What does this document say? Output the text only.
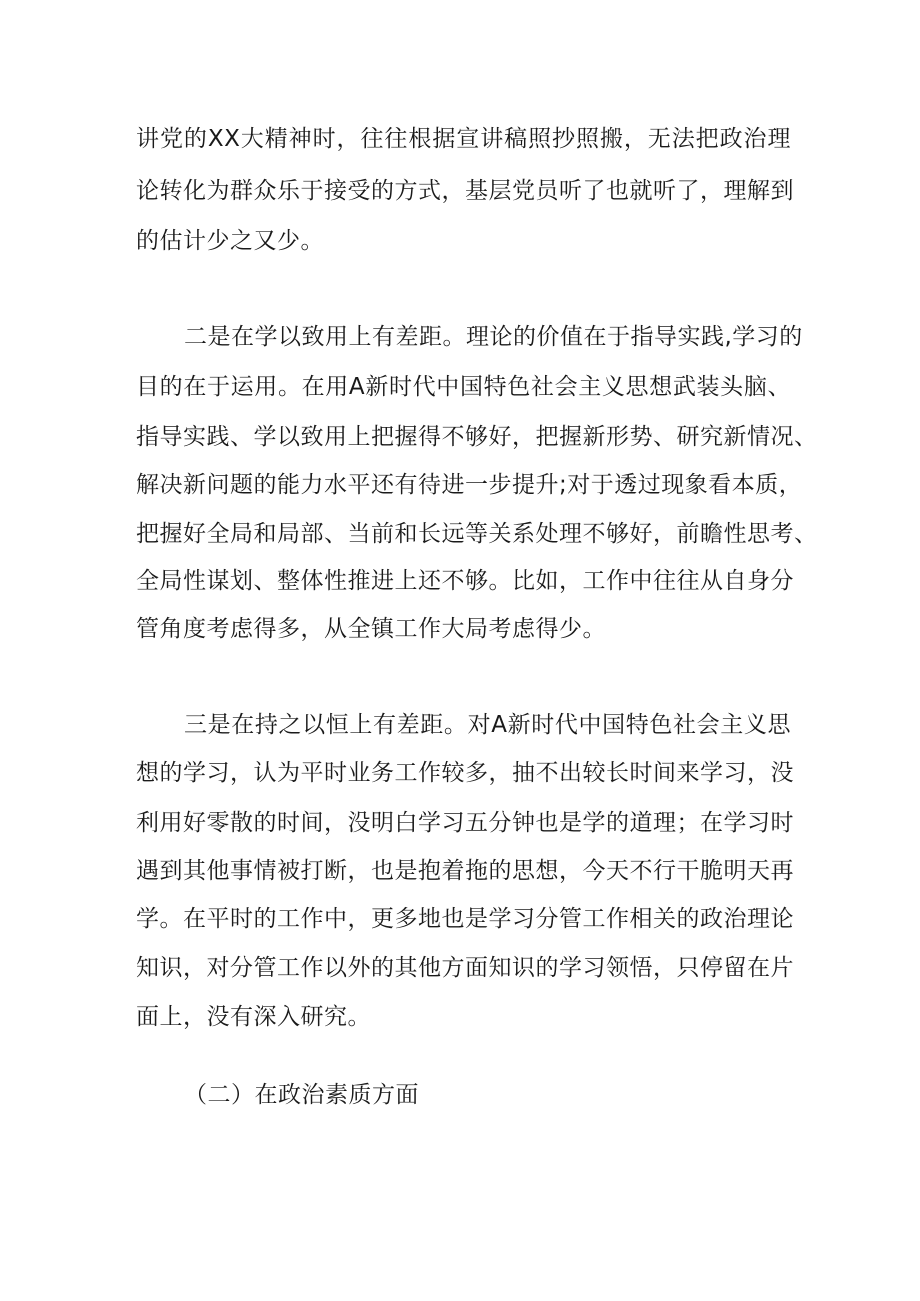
讲党的XX大精神时，往往根据宣讲稿照抄照搬，无法把政治理
论转化为群众乐于接受的方式，基层党员听了也就听了，理解到
的估计少之又少。
二是在学以致用上有差距。理论的价值在于指导实践,学习的
目的在于运用。在用A新时代中国特色社会主义思想武装头脑、
指导实践、学以致用上把握得不够好，把握新形势、研究新情况、
解决新问题的能力水平还有待进一步提升;对于透过现象看本质，
把握好全局和局部、当前和长远等关系处理不够好，前瞻性思考、
全局性谋划、整体性推进上还不够。比如，工作中往往从自身分
管角度考虑得多，从全镇工作大局考虑得少。
三是在持之以恒上有差距。对A新时代中国特色社会主义思
想的学习，认为平时业务工作较多，抽不出较长时间来学习，没
利用好零散的时间，没明白学习五分钟也是学的道理；在学习时
遇到其他事情被打断，也是抱着拖的思想，今天不行干脆明天再
学。在平时的工作中，更多地也是学习分管工作相关的政治理论
知识，对分管工作以外的其他方面知识的学习领悟，只停留在片
面上，没有深入研究。
（二）在政治素质方面
